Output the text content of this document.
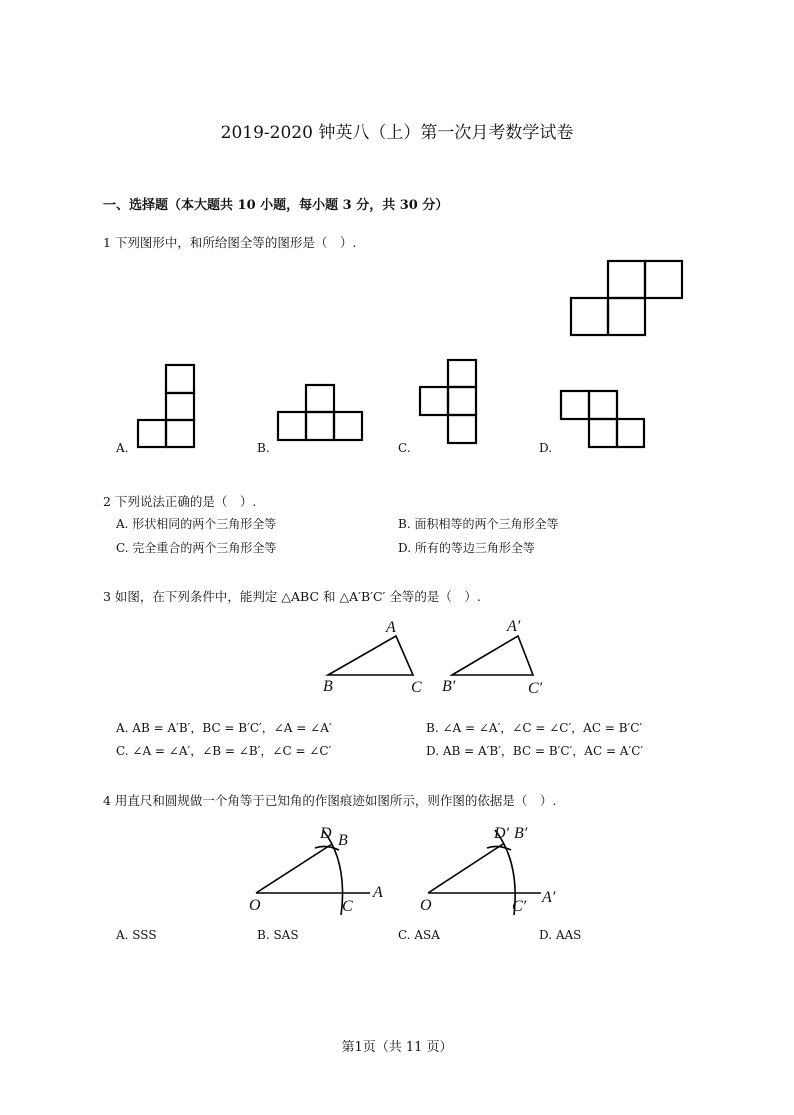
2019-2020 钟英八（上）第一次月考数学试卷
一、选择题（本大题共 10 小题，每小题 3 分，共 30 分）
1 下列图形中，和所给图全等的图形是（　）.
A.	B.	C.	D.
2 下列说法正确的是（　）.
A. 形状相同的两个三角形全等	B. 面积相等的两个三角形全等
C. 完全重合的两个三角形全等	D. 所有的等边三角形全等
3 如图，在下列条件中，能判定 △ABC 和 △A′B′C′ 全等的是（　）.
A
B	C
A′
B′	C′
A. AB = A′B′，BC = B′C′，∠A = ∠A′	B. ∠A = ∠A′，∠C = ∠C′，AC = B′C′
C. ∠A = ∠A′，∠B = ∠B′，∠C = ∠C′	D. AB = A′B′，BC = B′C′，AC = A′C′
4 用直尺和圆规做一个角等于已知角的作图痕迹如图所示，则作图的依据是（　）.
D B
O	C
A
D′ B′
O	C′
A′
A. SSS	B. SAS	C. ASA	D. AAS
第1页（共 11 页）
